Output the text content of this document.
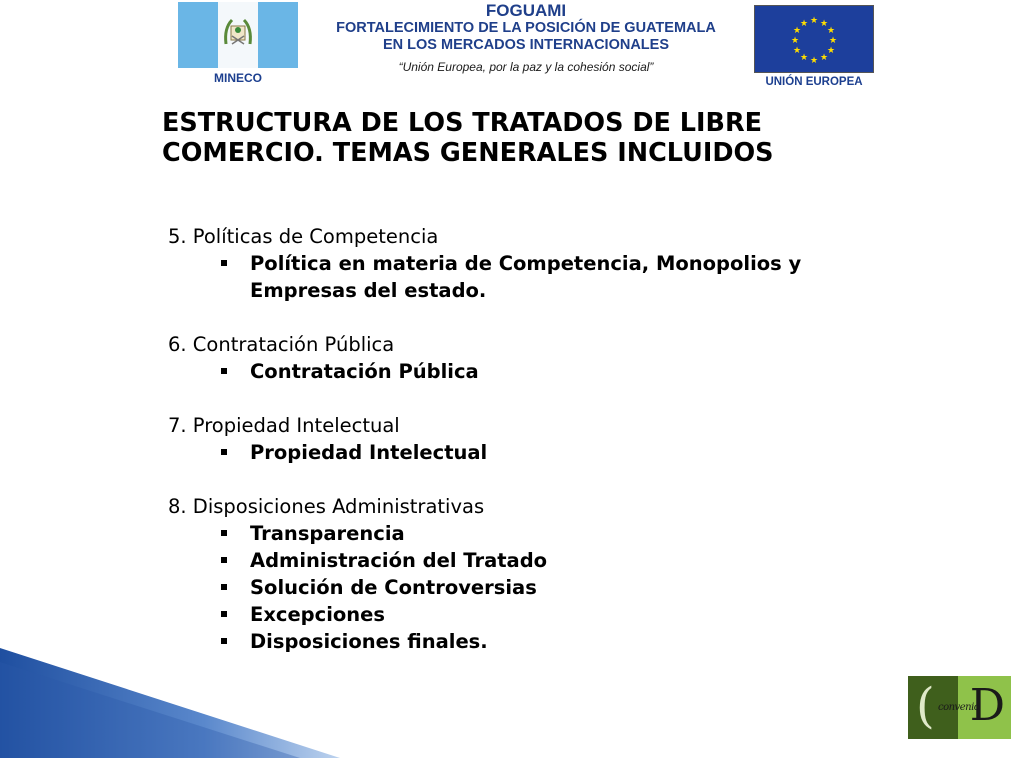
MINECO
FOGUAMI
FORTALECIMIENTO DE LA POSICIÓN DE GUATEMALA
EN LOS MERCADOS INTERNACIONALES
“Unión Europea, por la paz y la cohesión social”
★ ★
★
★
★
★
★
★
★
★
★
★
UNIÓN EUROPEA
ESTRUCTURA DE LOS TRATADOS DE LIBRE COMERCIO. TEMAS GENERALES INCLUIDOS

5. Políticas de Competencia

Política en materia de Competencia, Monopolios y Empresas del estado.

6. Contratación Pública

Contratación Pública

7. Propiedad Intelectual

Propiedad Intelectual

8. Disposiciones Administrativas

Transparencia
Administración del Tratado
Solución de Controversias
Excepciones
Disposiciones finales.
( D
convenio
